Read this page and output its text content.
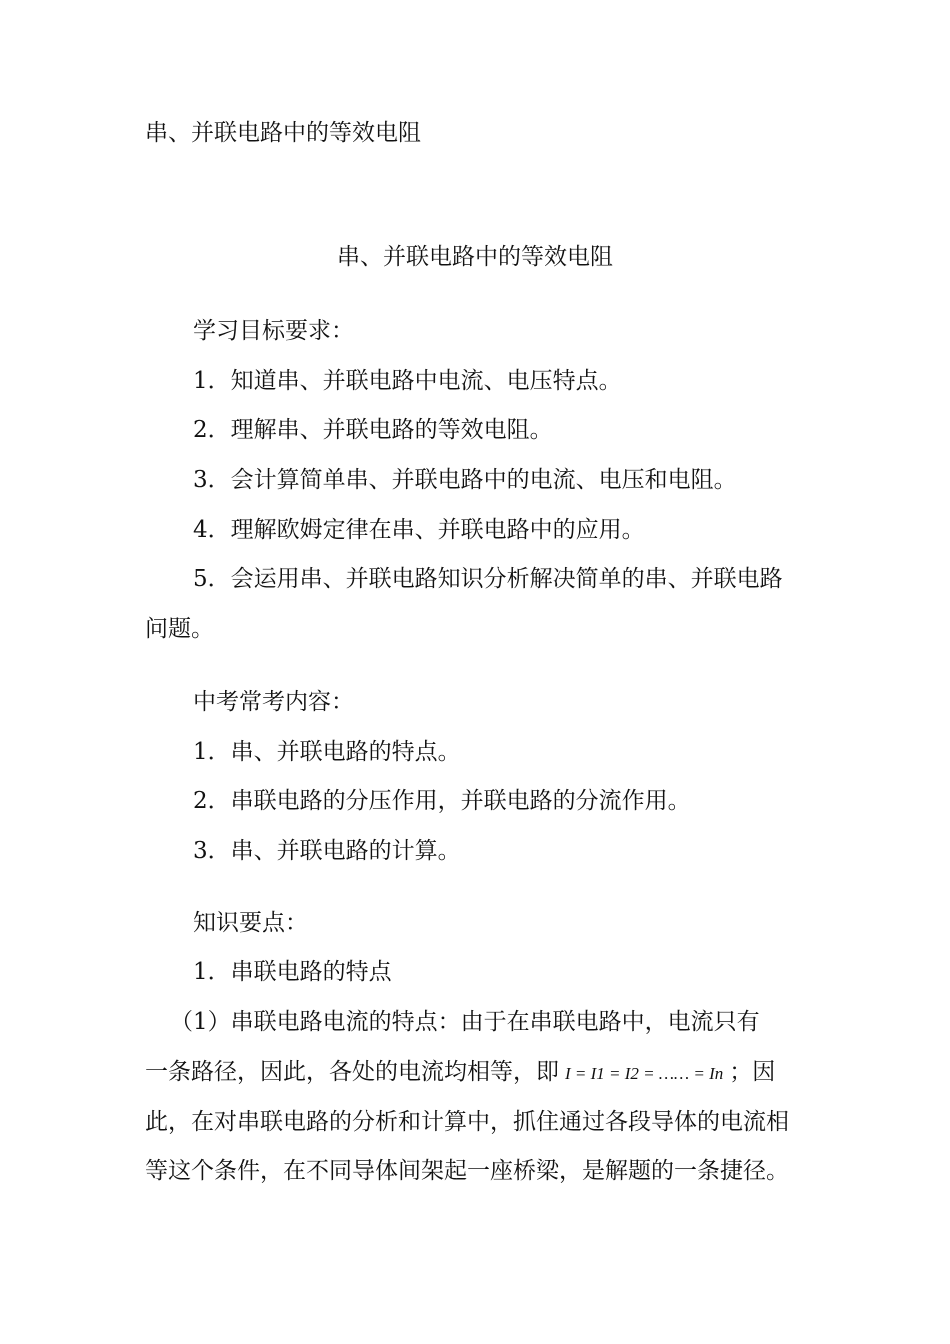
串、并联电路中的等效电阻
串、并联电路中的等效电阻
学习目标要求：
1．知道串、并联电路中电流、电压特点。
2．理解串、并联电路的等效电阻。
3．会计算简单串、并联电路中的电流、电压和电阻。
4．理解欧姆定律在串、并联电路中的应用。
5．会运用串、并联电路知识分析解决简单的串、并联电路
问题。
中考常考内容：
1．串、并联电路的特点。
2．串联电路的分压作用，并联电路的分流作用。
3．串、并联电路的计算。
知识要点：
1．串联电路的特点
（1）串联电路电流的特点：由于在串联电路中，电流只有
一条路径，因此，各处的电流均相等，即 I = I1 = I2 = …… = In ；因
此，在对串联电路的分析和计算中，抓住通过各段导体的电流相
等这个条件，在不同导体间架起一座桥梁，是解题的一条捷径。
